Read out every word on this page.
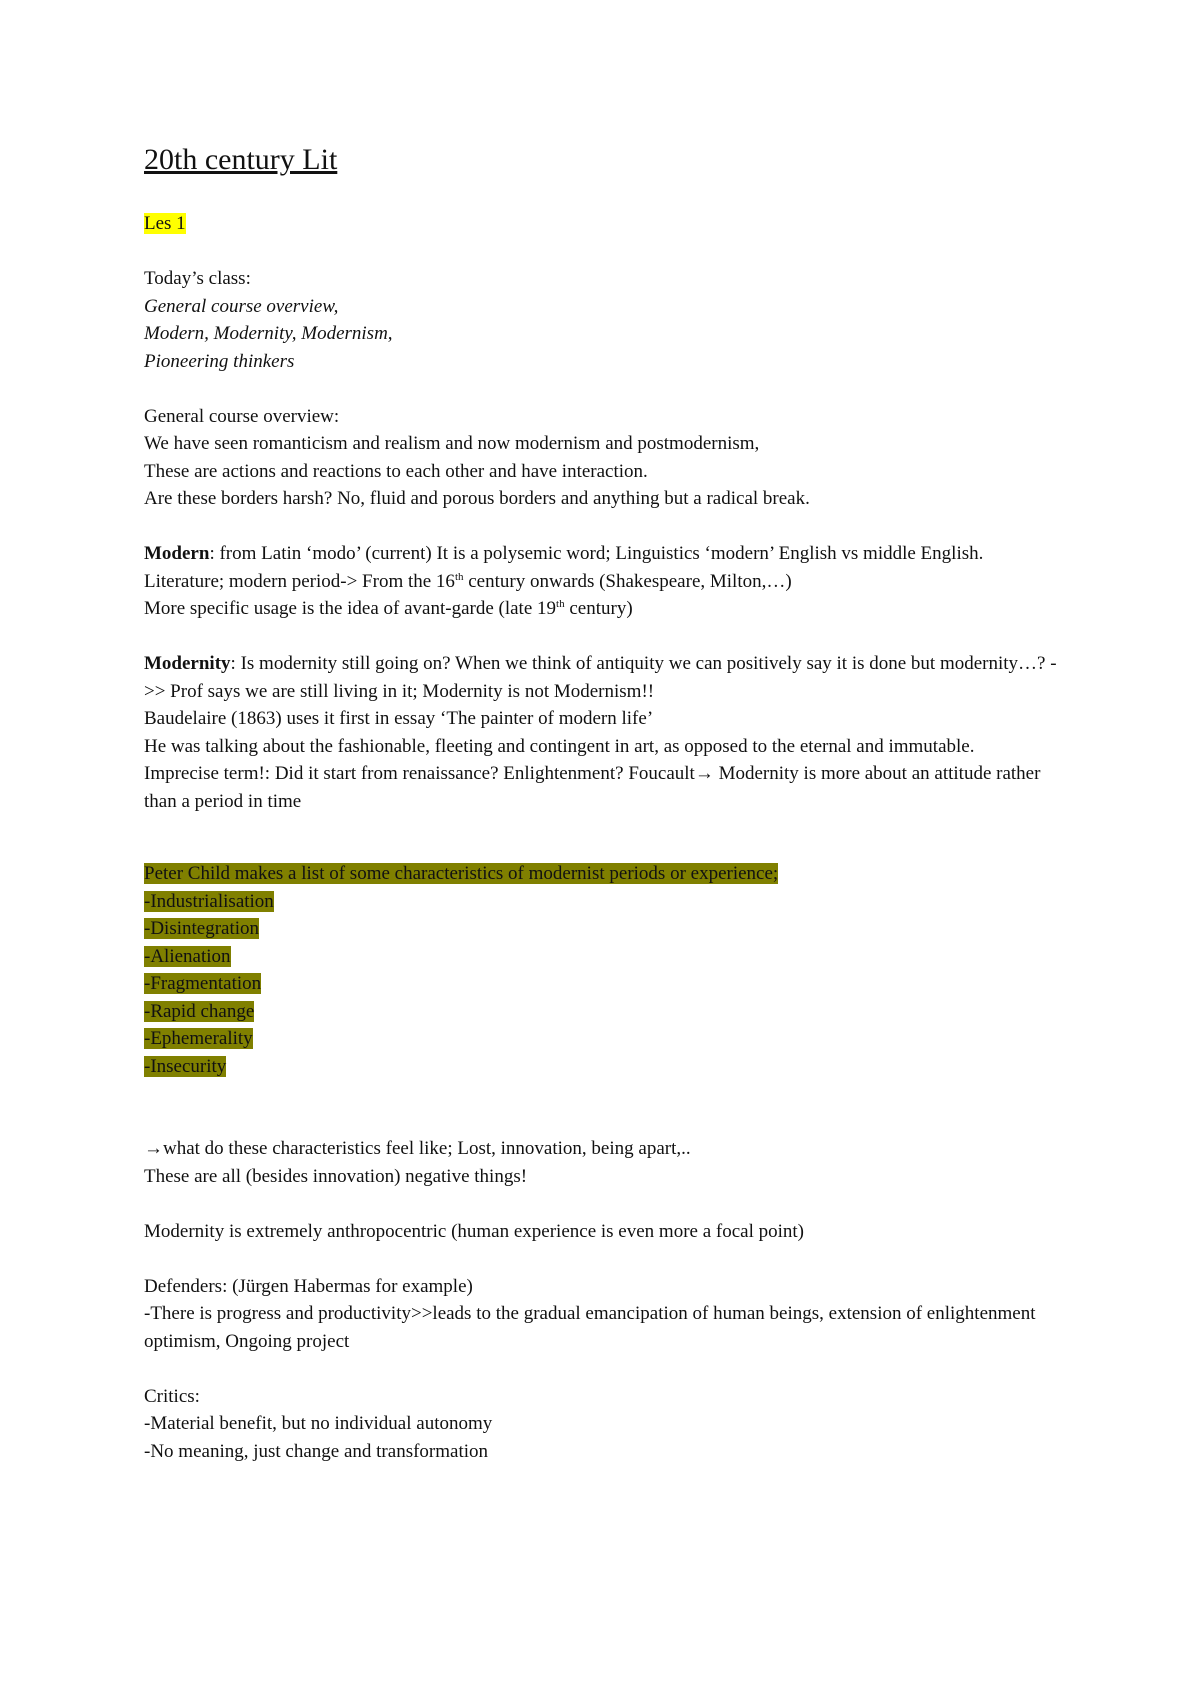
20th century Lit
Les 1
Today’s class:
General course overview,
Modern, Modernity, Modernism,
Pioneering thinkers
General course overview:
We have seen romanticism and realism and now modernism and postmodernism,
These are actions and reactions to each other and have interaction.
Are these borders harsh? No, fluid and porous borders and anything but a radical break.
Modern: from Latin ‘modo’ (current) It is a polysemic word; Linguistics ‘modern’ English vs middle English.
Literature; modern period-> From the 16th century onwards (Shakespeare, Milton,…)
More specific usage is the idea of avant-garde (late 19th century)
Modernity: Is modernity still going on? When we think of antiquity we can positively say it is done but modernity…? ->> Prof says we are still living in it; Modernity is not Modernism!!
Baudelaire (1863) uses it first in essay ‘The painter of modern life’
He was talking about the fashionable, fleeting and contingent in art, as opposed to the eternal and immutable.
Imprecise term!: Did it start from renaissance? Enlightenment? Foucault→ Modernity is more about an attitude rather than a period in time
Peter Child makes a list of some characteristics of modernist periods or experience;
-Industrialisation
-Disintegration
-Alienation
-Fragmentation
-Rapid change
-Ephemerality
-Insecurity
→what do these characteristics feel like; Lost, innovation, being apart,..
These are all (besides innovation) negative things!
Modernity is extremely anthropocentric (human experience is even more a focal point)
Defenders: (Jürgen Habermas for example)
-There is progress and productivity>>leads to the gradual emancipation of human beings, extension of enlightenment optimism, Ongoing project
Critics:
-Material benefit, but no individual autonomy
-No meaning, just change and transformation
